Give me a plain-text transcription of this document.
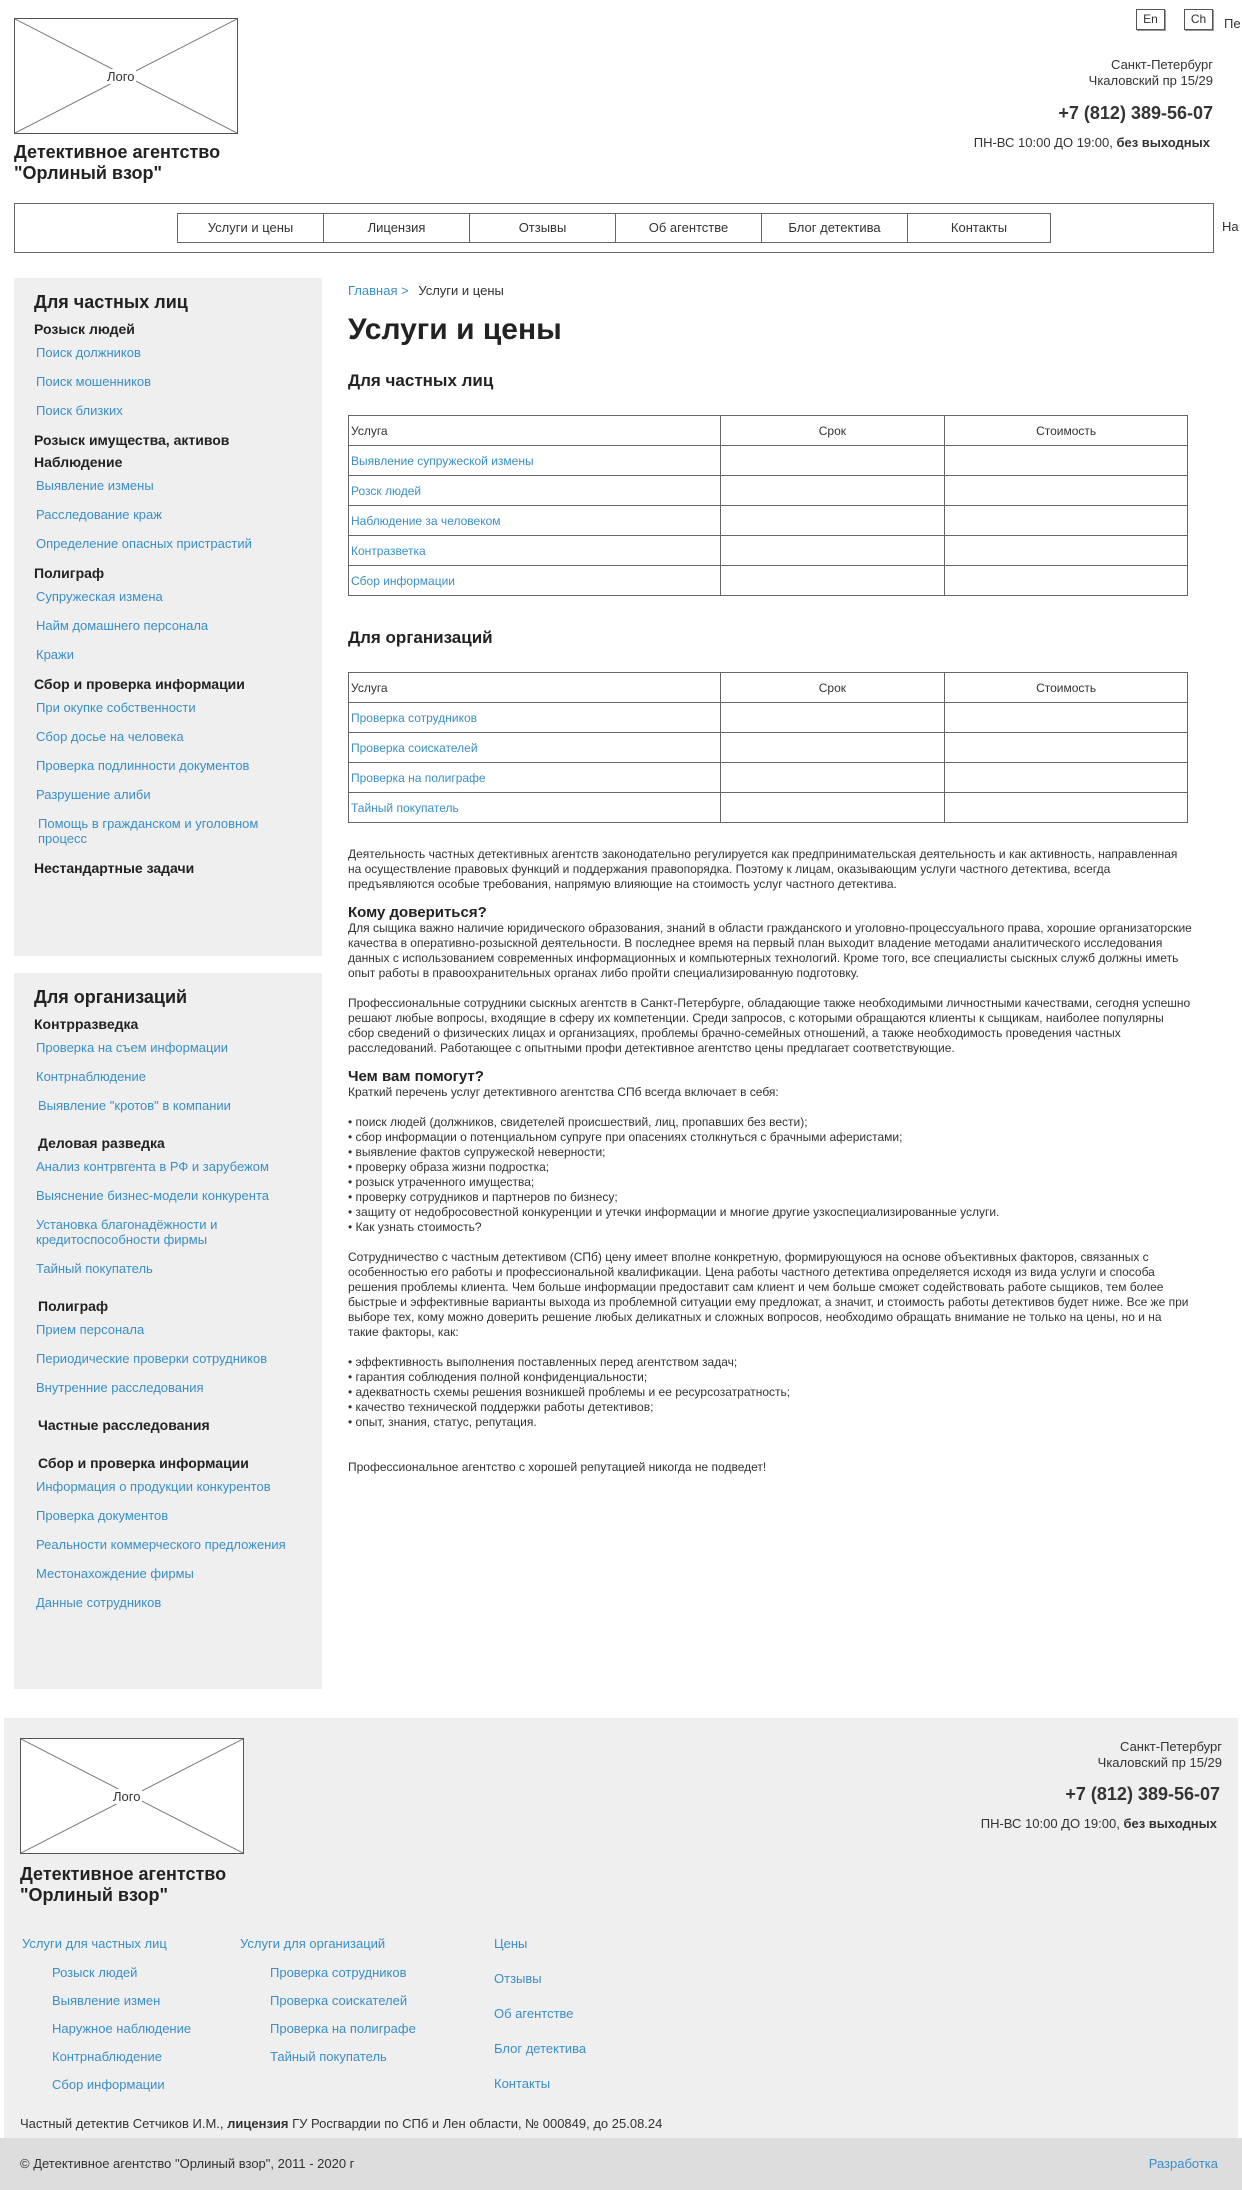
Лого
Детективное агентство
"Орлиный взор"
En	Ch	Пе
Санкт-Петербург
Чкаловский пр 15/29
+7 (812) 389-56-07
ПН-ВС 10:00 ДО 19:00, без выходных
Услуги и цены	Лицензия	Отзывы	Об агентстве	Блог детектива	Контакты	На
Для частных лиц
Розыск людей
Поиск должников
Поиск мошенников
Поиск близких
Розыск имущества, активов
Наблюдение
Выявление измены
Расследование краж
Определение опасных пристрастий
Полиграф
Супружеская измена
Найм домашнего персонала
Кражи
Сбор и проверка информации
При окупке собственности
Сбор досье на человека
Проверка подлинности документов
Разрушение алиби
Помощь в гражданском и уголовном процесс
Нестандартные задачи
Для организаций
Контрразведка
Проверка на съем информации
Контрнаблюдение
Выявление "кротов" в компании
Деловая разведка
Анализ контрвгента в РФ и зарубежом
Выяснение бизнес-модели конкурента
Установка благонадёжности и кредитоспособности фирмы
Тайный покупатель
Полиграф
Прием персонала
Периодические проверки сотрудников
Внутренние расследования
Частные расследования
Сбор и проверка информации
Информация о продукции конкурентов
Проверка документов
Реальности коммерческого предложения
Местонахождение фирмы
Данные сотрудников
Главная > Услуги и цены
Услуги и цены
Для частных лиц
Услуга	Срок	Стоимость
Выявление супружеской измены		
Розск людей		
Наблюдение за человеком		
Контразветка		
Сбор информации		
Для организаций
Услуга	Срок	Стоимость
Проверка сотрудников		
Проверка соискателей		
Проверка на полиграфе		
Тайный покупатель		

Деятельность частных детективных агентств законодательно регулируется как предпринимательская деятельность и как активность, направленная на осуществление правовых функций и поддержания правопорядка. Поэтому к лицам, оказывающим услуги частного детектива, всегда предъявляются особые требования, напрямую влияющие на стоимость услуг частного детектива.

Кому довериться?

Для сыщика важно наличие юридического образования, знаний в области гражданского и уголовно-процессуального права, хорошие организаторские качества в оперативно-розыскной деятельности. В последнее время на первый план выходит владение методами аналитического исследования данных с использованием современных информационных и компьютерных технологий. Кроме того, все специалисты сыскных служб должны иметь опыт работы в правоохранительных органах либо пройти специализированную подготовку.

Профессиональные сотрудники сыскных агентств в Санкт-Петербурге, обладающие также необходимыми личностными качествами, сегодня успешно решают любые вопросы, входящие в сферу их компетенции. Среди запросов, с которыми обращаются клиенты к сыщикам, наиболее популярны сбор сведений о физических лицах и организациях, проблемы брачно-семейных отношений, а также необходимость проведения частных расследований. Работающее с опытными профи детективное агентство цены предлагает соответствующие.

Чем вам помогут?

Краткий перечень услуг детективного агентства СПб всегда включает в себя:

• поиск людей (должников, свидетелей происшествий, лиц, пропавших без вести);
• сбор информации о потенциальном супруге при опасениях столкнуться с брачными аферистами;
• выявление фактов супружеской неверности;
• проверку образа жизни подростка;
• розыск утраченного имущества;
• проверку сотрудников и партнеров по бизнесу;
• защиту от недобросовестной конкуренции и утечки информации и многие другие узкоспециализированные услуги.
• Как узнать стоимость?

Сотрудничество с частным детективом (СПб) цену имеет вполне конкретную, формирующуюся на основе объективных факторов, связанных с особенностью его работы и профессиональной квалификации. Цена работы частного детектива определяется исходя из вида услуги и способа решения проблемы клиента. Чем больше информации предоставит сам клиент и чем больше сможет содействовать работе сыщиков, тем более быстрые и эффективные варианты выхода из проблемной ситуации ему предложат, а значит, и стоимость работы детективов будет ниже. Все же при выборе тех, кому можно доверить решение любых деликатных и сложных вопросов, необходимо обращать внимание не только на цены, но и на такие факторы, как:

• эффективность выполнения поставленных перед агентством задач;
• гарантия соблюдения полной конфиденциальности;
• адекватность схемы решения возникшей проблемы и ее ресурсозатратность;
• качество технической поддержки работы детективов;
• опыт, знания, статус, репутация.

Профессиональное агентство с хорошей репутацией никогда не подведет!

Лого
Детективное агентство
"Орлиный взор"
Санкт-Петербург
Чкаловский пр 15/29
+7 (812) 389-56-07
ПН-ВС 10:00 ДО 19:00, без выходных
Услуги для частных лиц
Розыск людей
Выявление измен
Наружное наблюдение
Контрнаблюдение
Сбор информации
Услуги для организаций
Проверка сотрудников
Проверка соискателей
Проверка на полиграфе
Тайный покупатель
Цены
Отзывы
Об агентстве
Блог детектива
Контакты
Частный детектив Сетчиков И.М., лицензия ГУ Росгвардии по СПб и Лен области, № 000849, до 25.08.24
© Детективное агентство "Орлиный взор", 2011 - 2020 г	Разработка
